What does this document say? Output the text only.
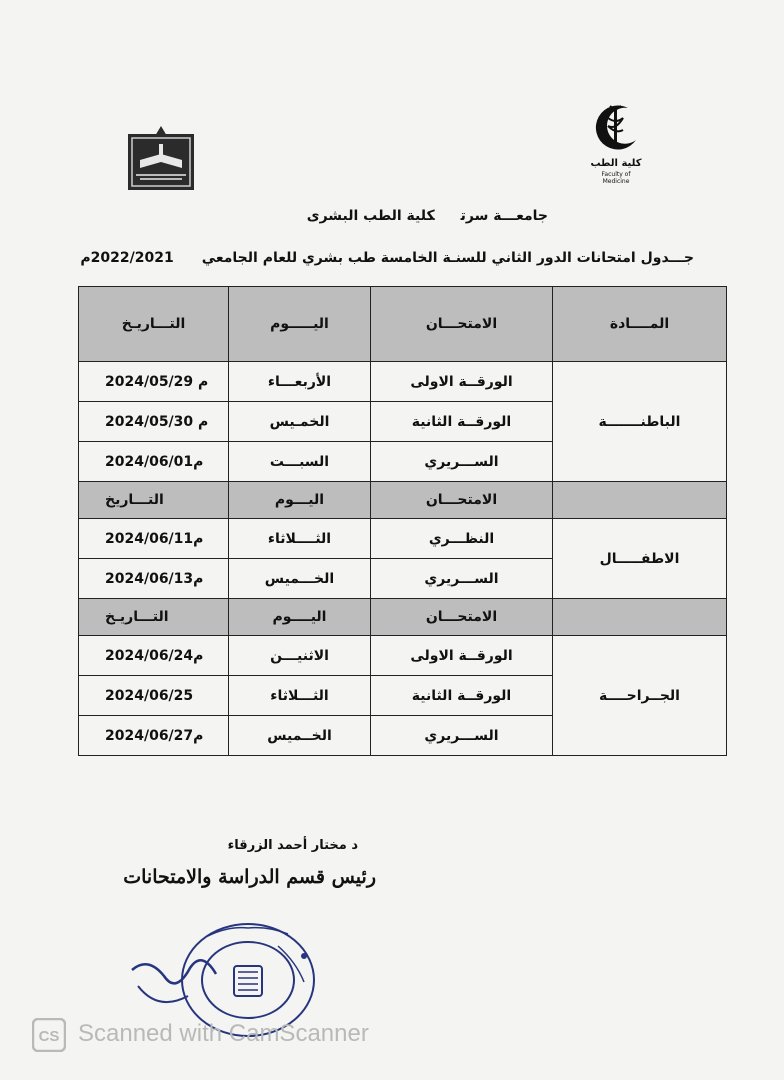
كلية الطب
Faculty of Medicine
جامعـــة سرتكلية الطب البشرى
جـــدول امتحانات الدور الثاني للسنـة الخامسة طب بشري للعام الجامعي2022/2021م
المــــادة	الامتحـــان	اليـــــوم	التـــاريـخ
الباطنـــــــة	الورقــة الاولى	الأربعـــاء	2024/05/29 م
	الورقــة الثانية	الخمـيس	2024/05/30 م
	الســـريري	السبـــت	2024/06/01م
	الامتحـــان	اليـــوم	التـــاريخ
الاطفـــــال	النظـــري	الثــــلاثاء	2024/06/11م
	الســـريري	الخـــميس	2024/06/13م
	الامتحـــان	اليــــوم	التـــاريـخ
الجــراحــــة	الورقــة الاولى	الاثنيـــن	2024/06/24م
	الورقــة الثانية	الثـــلاثاء	2024/06/25
	الســـريري	الخــميس	2024/06/27م
د مختار أحمد الزرقاء
رئيس قسم الدراسة والامتحانات
CS Scanned with CamScanner
